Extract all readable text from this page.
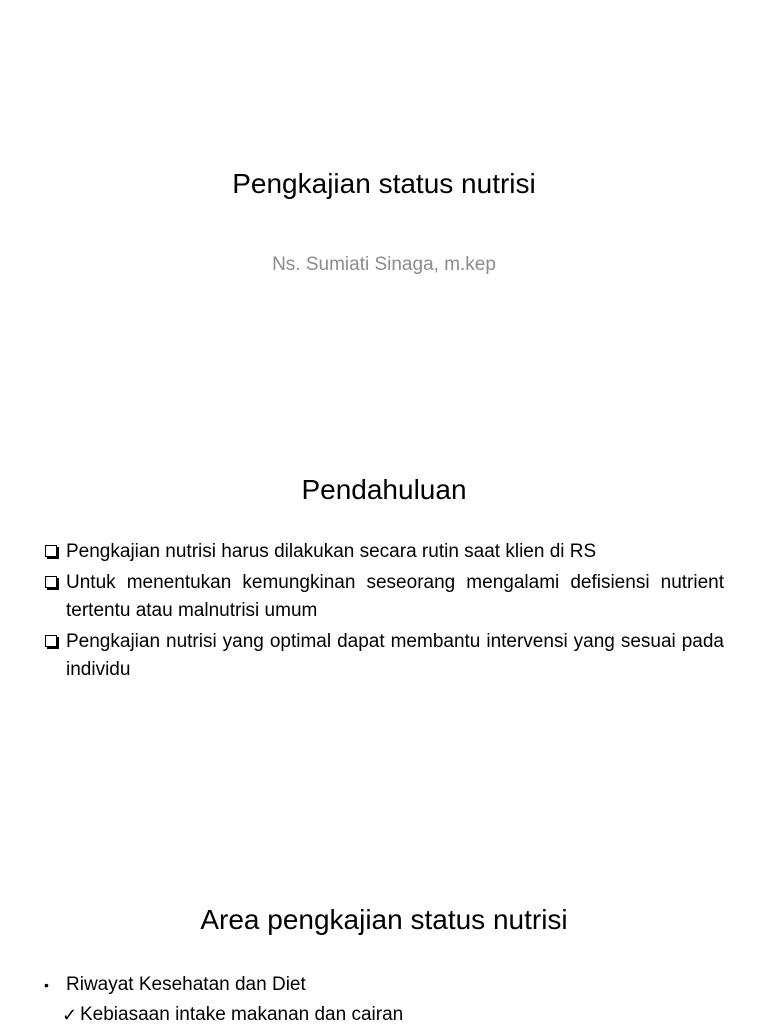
Pengkajian status nutrisi
Ns. Sumiati Sinaga, m.kep
Pendahuluan
Pengkajian nutrisi harus dilakukan secara rutin saat klien di RS
Untuk menentukan kemungkinan seseorang mengalami defisiensi nutrient tertentu atau malnutrisi umum
Pengkajian nutrisi yang optimal dapat membantu intervensi yang sesuai pada individu
Area pengkajian status nutrisi
• Riwayat Kesehatan dan Diet
✓ Kebiasaan intake makanan dan cairan
